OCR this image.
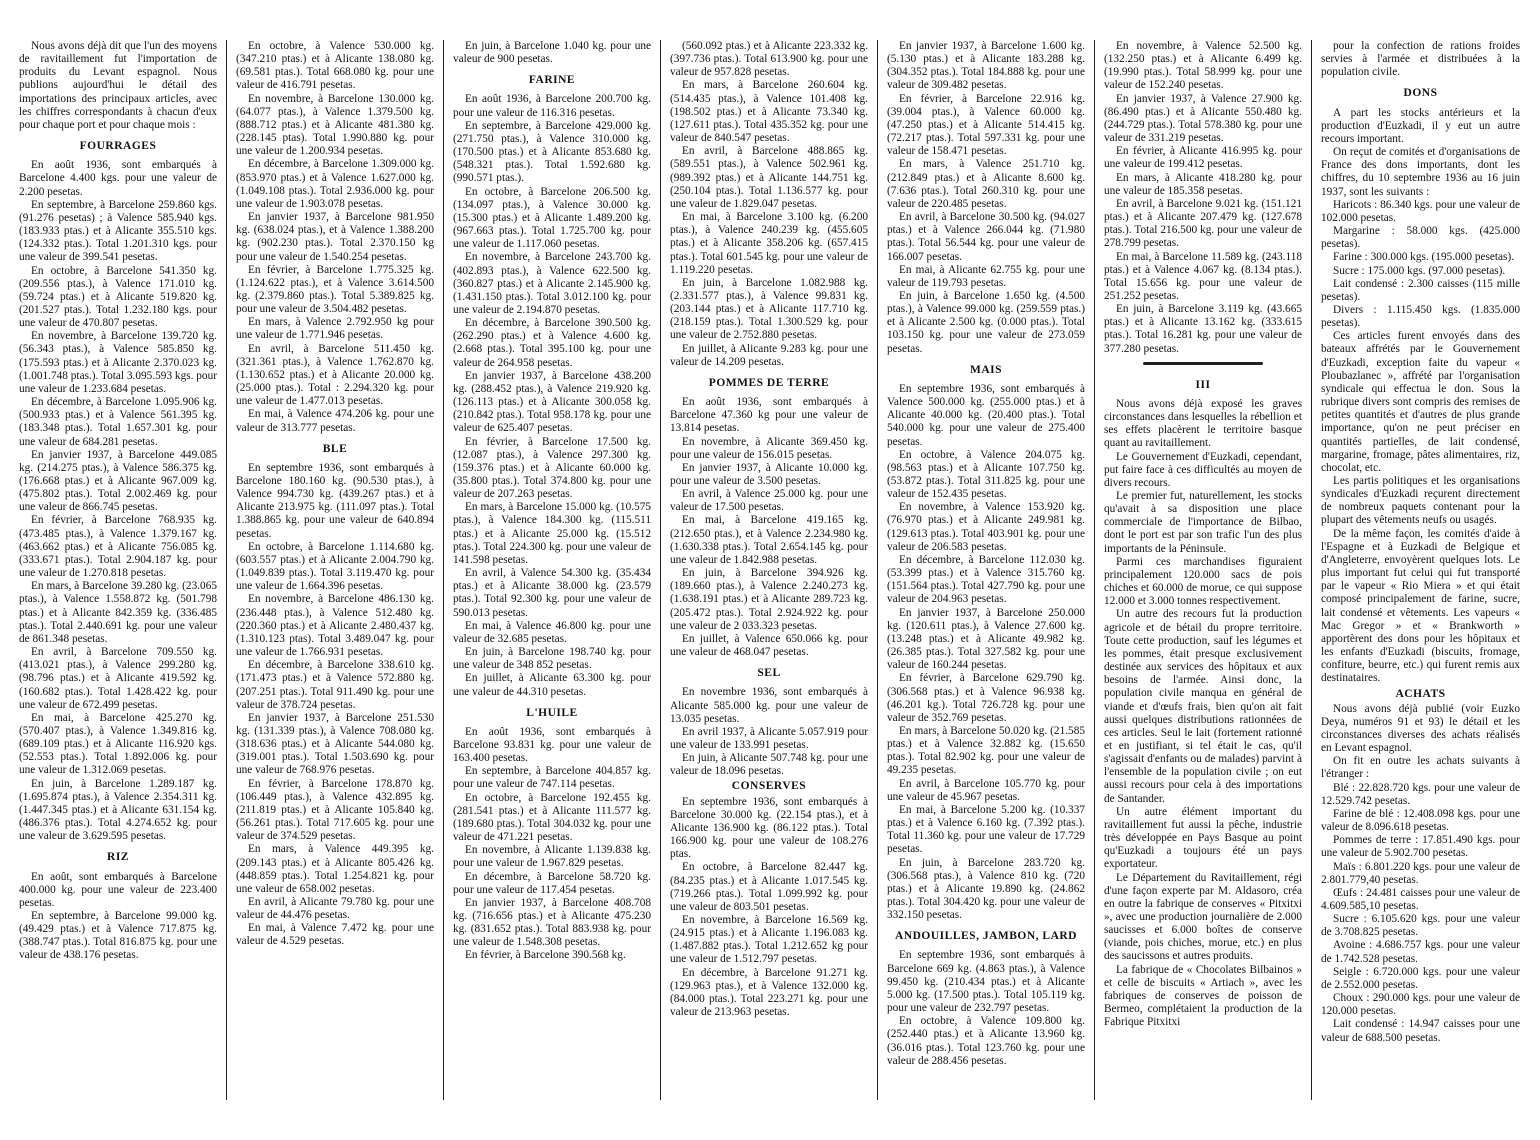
Nous avons déjà dit que l'un des moyens de ravitaillement fut l'importation de produits du Levant espagnol. Nous publions aujourd'hui le détail des importations des principaux articles, avec les chiffres correspondants à chacun d'eux pour chaque port et pour chaque mois :

FOURRAGES

En août 1936, sont embarqués à Barcelone 4.400 kgs. pour une valeur de 2.200 pesetas.

En septembre, à Barcelone 259.860 kgs. (91.276 pesetas) ; à Valence 585.940 kgs. (183.933 ptas.) et à Alicante 355.510 kgs. (124.332 ptas.). Total 1.201.310 kgs. pour une valeur de 399.541 pesetas.

En octobre, à Barcelone 541.350 kg. (209.556 ptas.), à Valence 171.010 kg. (59.724 ptas.) et à Alicante 519.820 kg. (201.527 ptas.). Total 1.232.180 kgs. pour une valeur de 470.807 pesetas.

En novembre, à Barcelone 139.720 kg. (56.343 ptas.), à Valence 585.850 kg. (175.593 ptas.) et à Alicante 2.370.023 kg. (1.001.748 ptas.). Total 3.095.593 kgs. pour une valeur de 1.233.684 pesetas.

En décembre, à Barcelone 1.095.906 kg. (500.933 ptas.) et à Valence 561.395 kg. (183.348 ptas.). Total 1.657.301 kg. pour une valeur de 684.281 pesetas.

En janvier 1937, à Barcelone 449.085 kg. (214.275 ptas.), à Valence 586.375 kg. (176.668 ptas.) et à Alicante 967.009 kg. (475.802 ptas.). Total 2.002.469 kg. pour une valeur de 866.745 pesetas.

En février, à Barcelone 768.935 kg. (473.485 ptas.), à Valence 1.379.167 kg. (463.662 ptas.) et à Alicante 756.085 kg. (333.671 ptas.). Total 2.904.187 kg. pour une valeur de 1.270.818 pesetas.

En mars, à Barcelone 39.280 kg. (23.065 ptas.), à Valence 1.558.872 kg. (501.798 ptas.) et à Alicante 842.359 kg. (336.485 ptas.). Total 2.440.691 kg. pour une valeur de 861.348 pesetas.

En avril, à Barcelone 709.550 kg. (413.021 ptas.), à Valence 299.280 kg. (98.796 ptas.) et à Alicante 419.592 kg. (160.682 ptas.). Total 1.428.422 kg. pour une valeur de 672.499 pesetas.

En mai, à Barcelone 425.270 kg. (570.407 ptas.), à Valence 1.349.816 kg. (689.109 ptas.) et à Alicante 116.920 kgs. (52.553 ptas.). Total 1.892.006 kg. pour une valeur de 1.312.069 pesetas.

En juin, à Barcelone 1.289.187 kg. (1.695.874 ptas.), à Valence 2.354.311 kg. (1.447.345 ptas.) et à Alicante 631.154 kg. (486.376 ptas.). Total 4.274.652 kg. pour une valeur de 3.629.595 pesetas.

RIZ

En août, sont embarqués à Barcelone 400.000 kg. pour une valeur de 223.400 pesetas.

En septembre, à Barcelone 99.000 kg. (49.429 ptas.) et à Valence 717.875 kg. (388.747 ptas.). Total 816.875 kg. pour une valeur de 438.176 pesetas.

En octobre, à Valence 530.000 kg. (347.210 ptas.) et à Alicante 138.080 kg. (69.581 ptas.). Total 668.080 kg. pour une valeur de 416.791 pesetas.

En novembre, à Barcelone 130.000 kg. (64.077 ptas.), à Valence 1.379.500 kg. (888.712 ptas.) et à Alicante 481.380 kg. (228.145 ptas). Total 1.990.880 kg. pour une valeur de 1.200.934 pesetas.

En décembre, à Barcelone 1.309.000 kg. (853.970 ptas.) et à Valence 1.627.000 kg. (1.049.108 ptas.). Total 2.936.000 kg. pour une valeur de 1.903.078 pesetas.

En janvier 1937, à Barcelone 981.950 kg. (638.024 ptas.), et à Valence 1.388.200 kg. (902.230 ptas.). Total 2.370.150 kg pour une valeur de 1.540.254 pesetas.

En février, à Barcelone 1.775.325 kg. (1.124.622 ptas.), et à Valence 3.614.500 kg. (2.379.860 ptas.). Total 5.389.825 kg. pour une valeur de 3.504.482 pesetas.

En mars, à Valence 2.792.950 kg pour une valeur de 1.771.946 pesetas.

En avril, à Barcelone 511.450 kg. (321.361 ptas.), à Valence 1.762.870 kg. (1.130.652 ptas.) et à Alicante 20.000 kg. (25.000 ptas.). Total : 2.294.320 kg. pour une valeur de 1.477.013 pesetas.

En mai, à Valence 474.206 kg. pour une valeur de 313.777 pesetas.

BLE

En septembre 1936, sont embarqués à Barcelone 180.160 kg. (90.530 ptas.), à Valence 994.730 kg. (439.267 ptas.) et à Alicante 213.975 kg. (111.097 ptas.). Total 1.388.865 kg. pour une valeur de 640.894 pesetas.

En octobre, à Barcelone 1.114.680 kg. (603.557 ptas.) et à Alicante 2.004.790 kg. (1.049.839 ptas.). Total 3.119.470 kg. pour une valeur de 1.664.396 pesetas.

En novembre, à Barcelone 486.130 kg. (236.448 ptas.), à Valence 512.480 kg. (220.360 ptas.) et à Alicante 2.480.437 kg. (1.310.123 ptas). Total 3.489.047 kg. pour une valeur de 1.766.931 pesetas.

En décembre, à Barcelone 338.610 kg. (171.473 ptas.) et à Valence 572.880 kg. (207.251 ptas.). Total 911.490 kg. pour une valeur de 378.724 pesetas.

En janvier 1937, à Barcelone 251.530 kg. (131.339 ptas.), à Valence 708.080 kg. (318.636 ptas.) et à Alicante 544.080 kg. (319.001 ptas.). Total 1.503.690 kg. pour une valeur de 768.976 pesetas.

En février, à Barcelone 178.870 kg. (106.449 ptas.), à Valence 432.895 kg. (211.819 ptas.) et à Alicante 105.840 kg. (56.261 ptas.). Total 717.605 kg. pour une valeur de 374.529 pesetas.

En mars, à Valence 449.395 kg. (209.143 ptas.) et à Alicante 805.426 kg. (448.859 ptas.). Total 1.254.821 kg. pour une valeur de 658.002 pesetas.

En avril, à Alicante 79.780 kg. pour une valeur de 44.476 pesetas.

En mai, à Valence 7.472 kg. pour une valeur de 4.529 pesetas.

En juin, à Barcelone 1.040 kg. pour une valeur de 900 pesetas.

FARINE

En août 1936, à Barcelone 200.700 kg. pour une valeur de 116.316 pesetas.

En septembre, à Barcelone 429.000 kg. (271.750 ptas.), à Valence 310.000 kg. (170.500 ptas.) et à Alicante 853.680 kg. (548.321 ptas.). Total 1.592.680 kg. (990.571 ptas.).

En octobre, à Barcelone 206.500 kg. (134.097 ptas.), à Valence 30.000 kg. (15.300 ptas.) et à Alicante 1.489.200 kg. (967.663 ptas.). Total 1.725.700 kg. pour une valeur de 1.117.060 pesetas.

En novembre, à Barcelone 243.700 kg. (402.893 ptas.), à Valence 622.500 kg. (360.827 ptas.) et à Alicante 2.145.900 kg. (1.431.150 ptas.). Total 3.012.100 kg. pour une valeur de 2.194.870 pesetas.

En décembre, à Barcelone 390.500 kg. (262.290 ptas.) et à Valence 4.600 kg. (2.668 ptas.). Total 395.100 kg. pour une valeur de 264.958 pesetas.

En janvier 1937, à Barcelone 438.200 kg. (288.452 ptas.), à Valence 219.920 kg. (126.113 ptas.) et à Alicante 300.058 kg. (210.842 ptas.). Total 958.178 kg. pour une valeur de 625.407 pesetas.

En février, à Barcelone 17.500 kg. (12.087 ptas.), à Valence 297.300 kg. (159.376 ptas.) et à Alicante 60.000 kg. (35.800 ptas.). Total 374.800 kg. pour une valeur de 207.263 pesetas.

En mars, à Barcelone 15.000 kg. (10.575 ptas.), à Valence 184.300 kg. (115.511 ptas.) et à Alicante 25.000 kg. (15.512 ptas.). Total 224.300 kg. pour une valeur de 141.598 pesetas.

En avril, à Valence 54.300 kg. (35.434 ptas.) et à Alicante 38.000 kg. (23.579 ptas.). Total 92.300 kg. pour une valeur de 590.013 pesetas.

En mai, à Valence 46.800 kg. pour une valeur de 32.685 pesetas.

En juin, à Barcelone 198.740 kg. pour une valeur de 348 852 pesetas.

En juillet, à Alicante 63.300 kg. pour une valeur de 44.310 pesetas.

L'HUILE

En août 1936, sont embarqués à Barcelone 93.831 kg. pour une valeur de 163.400 pesetas.

En septembre, à Barcelone 404.857 kg. pour une valeur de 747.114 pesetas.

En octobre, à Barcelone 192.455 kg. (281.541 ptas.) et à Alicante 111.577 kg. (189.680 ptas.). Total 304.032 kg. pour une valeur de 471.221 pesetas.

En novembre, à Alicante 1.139.838 kg. pour une valeur de 1.967.829 pesetas.

En décembre, à Barcelone 58.720 kg. pour une valeur de 117.454 pesetas.

En janvier 1937, à Barcelone 408.708 kg. (716.656 ptas.) et à Alicante 475.230 kg. (831.652 ptas.). Total 883.938 kg. pour une valeur de 1.548.308 pesetas.

En février, à Barcelone 390.568 kg.

(560.092 ptas.) et à Alicante 223.332 kg. (397.736 ptas.). Total 613.900 kg. pour une valeur de 957.828 pesetas.

En mars, à Barcelone 260.604 kg. (514.435 ptas.), à Valence 101.408 kg. (198.502 ptas.) et à Alicante 73.340 kg. (127.611 ptas.). Total 435.352 kg. pour une valeur de 840.547 pesetas.

En avril, à Barcelone 488.865 kg. (589.551 ptas.), à Valence 502.961 kg. (989.392 ptas.) et à Alicante 144.751 kg. (250.104 ptas.). Total 1.136.577 kg. pour une valeur de 1.829.047 pesetas.

En mai, à Barcelone 3.100 kg. (6.200 ptas.), à Valence 240.239 kg. (455.605 ptas.) et à Alicante 358.206 kg. (657.415 ptas.). Total 601.545 kg. pour une valeur de 1.119.220 pesetas.

En juin, à Barcelone 1.082.988 kg. (2.331.577 ptas.), à Valence 99.831 kg. (203.144 ptas.) et à Alicante 117.710 kg. (218.159 ptas.). Total 1.300.529 kg. pour une valeur de 2.752.880 pesetas.

En juillet, à Alicante 9.283 kg. pour une valeur de 14.209 pesetas.

POMMES DE TERRE

En août 1936, sont embarqués à Barcelone 47.360 kg pour une valeur de 13.814 pesetas.

En novembre, à Alicante 369.450 kg. pour une valeur de 156.015 pesetas.

En janvier 1937, à Alicante 10.000 kg. pour une valeur de 3.500 pesetas.

En avril, à Valence 25.000 kg. pour une valeur de 17.500 pesetas.

En mai, à Barcelone 419.165 kg. (212.650 ptas.), et à Valence 2.234.980 kg. (1.630.338 ptas.). Total 2.654.145 kg. pour une valeur de 1.842.988 pesetas.

En juin, à Barcelone 394.926 kg. (189.660 ptas.), à Valence 2.240.273 kg. (1.638.191 ptas.) et à Alicante 289.723 kg. (205.472 ptas.). Total 2.924.922 kg. pour une valeur de 2 033.323 pesetas.

En juillet, à Valence 650.066 kg. pour une valeur de 468.047 pesetas.

SEL

En novembre 1936, sont embarqués à Alicante 585.000 kg. pour une valeur de 13.035 pesetas.

En avril 1937, à Alicante 5.057.919 pour une valeur de 133.991 pesetas.

En juin, à Alicante 507.748 kg. pour une valeur de 18.096 pesetas.

CONSERVES

En septembre 1936, sont embarqués à Barcelone 30.000 kg. (22.154 ptas.), et à Alicante 136.900 kg. (86.122 ptas.). Total 166.900 kg. pour une valeur de 108.276 ptas.

En octobre, à Barcelone 82.447 kg. (84.235 ptas.) et à Alicante 1.017.545 kg. (719.266 ptas.). Total 1.099.992 kg. pour une valeur de 803.501 pesetas.

En novembre, à Barcelone 16.569 kg. (24.915 ptas.) et à Alicante 1.196.083 kg. (1.487.882 ptas.). Total 1.212.652 kg pour une valeur de 1.512.797 pesetas.

En décembre, à Barcelone 91.271 kg. (129.963 ptas.), et à Valence 132.000 kg. (84.000 ptas.). Total 223.271 kg. pour une valeur de 213.963 pesetas.

En janvier 1937, à Barcelone 1.600 kg. (5.130 ptas.) et à Alicante 183.288 kg. (304.352 ptas.). Total 184.888 kg. pour une valeur de 309.482 pesetas.

En février, à Barcelone 22.916 kg. (39.004 ptas.), à Valence 60.000 kg. (47.250 ptas.) et à Alicante 514.415 kg. (72.217 ptas.). Total 597.331 kg. pour une valeur de 158.471 pesetas.

En mars, à Valence 251.710 kg. (212.849 ptas.) et à Alicante 8.600 kg. (7.636 ptas.). Total 260.310 kg. pour une valeur de 220.485 pesetas.

En avril, à Barcelone 30.500 kg. (94.027 ptas.) et à Valence 266.044 kg. (71.980 ptas.). Total 56.544 kg. pour une valeur de 166.007 pesetas.

En mai, à Alicante 62.755 kg. pour une valeur de 119.793 pesetas.

En juin, à Barcelone 1.650 kg. (4.500 ptas.), à Valence 99.000 kg. (259.559 ptas.) et à Alicante 2.500 kg. (0.000 ptas.). Total 103.150 kg. pour une valeur de 273.059 pesetas.

MAIS

En septembre 1936, sont embarqués à Valence 500.000 kg. (255.000 ptas.) et à Alicante 40.000 kg. (20.400 ptas.). Total 540.000 kg. pour une valeur de 275.400 pesetas.

En octobre, à Valence 204.075 kg. (98.563 ptas.) et à Alicante 107.750 kg. (53.872 ptas.). Total 311.825 kg. pour une valeur de 152.435 pesetas.

En novembre, à Valence 153.920 kg. (76.970 ptas.) et à Alicante 249.981 kg. (129.613 ptas.). Total 403.901 kg. pour une valeur de 206.583 pesetas.

En décembre, à Barcelone 112.030 kg. (53.399 ptas.) et à Valence 315.760 kg. (151.564 ptas.). Total 427.790 kg. pour une valeur de 204.963 pesetas.

En janvier 1937, à Barcelone 250.000 kg. (120.611 ptas.), à Valence 27.600 kg. (13.248 ptas.) et à Alicante 49.982 kg. (26.385 ptas.). Total 327.582 kg. pour une valeur de 160.244 pesetas.

En février, à Barcelone 629.790 kg. (306.568 ptas.) et à Valence 96.938 kg. (46.201 kg.). Total 726.728 kg. pour une valeur de 352.769 pesetas.

En mars, à Barcelone 50.020 kg. (21.585 ptas.) et à Valence 32.882 kg. (15.650 ptas.). Total 82.902 kg. pour une valeur de 49.235 pesetas.

En avril, à Barcelone 105.770 kg. pour une valeur de 45.967 pesetas.

En mai, à Barcelone 5.200 kg. (10.337 ptas.) et à Valence 6.160 kg. (7.392 ptas.). Total 11.360 kg. pour une valeur de 17.729 pesetas.

En juin, à Barcelone 283.720 kg. (306.568 ptas.), à Valence 810 kg. (720 ptas.) et à Alicante 19.890 kg. (24.862 ptas.). Total 304.420 kg. pour une valeur de 332.150 pesetas.

ANDOUILLES, JAMBON, LARD

En septembre 1936, sont embarqués à Barcelone 669 kg. (4.863 ptas.), à Valence 99.450 kg. (210.434 ptas.) et à Alicante 5.000 kg. (17.500 ptas.). Total 105.119 kg. pour une valeur de 232.797 pesetas.

En octobre, à Valence 109.800 kg. (252.440 ptas.) et à Alicante 13.960 kg. (36.016 ptas.). Total 123.760 kg. pour une valeur de 288.456 pesetas.

En novembre, à Valence 52.500 kg. (132.250 ptas.) et à Alicante 6.499 kg. (19.990 ptas.). Total 58.999 kg. pour une valeur de 152.240 pesetas.

En janvier 1937, à Valence 27.900 kg. (86.490 ptas.) et à Alicante 550.480 kg. (244.729 ptas.). Total 578.380 kg. pour une valeur de 331.219 pesetas.

En février, à Alicante 416.995 kg. pour une valeur de 199.412 pesetas.

En mars, à Alicante 418.280 kg. pour une valeur de 185.358 pesetas.

En avril, à Barcelone 9.021 kg. (151.121 ptas.) et à Alicante 207.479 kg. (127.678 ptas.). Total 216.500 kg. pour une valeur de 278.799 pesetas.

En mai, à Barcelone 11.589 kg. (243.118 ptas.) et à Valence 4.067 kg. (8.134 ptas.). Total 15.656 kg. pour une valeur de 251.252 pesetas.

En juin, à Barcelone 3.119 kg. (43.665 ptas.) et à Alicante 13.162 kg. (333.615 ptas.). Total 16.281 kg. pour une valeur de 377.280 pesetas.

III

Nous avons déjà exposé les graves circonstances dans lesquelles la rébellion et ses effets placèrent le territoire basque quant au ravitaillement.

Le Gouvernement d'Euzkadi, cependant, put faire face à ces difficultés au moyen de divers recours.

Le premier fut, naturellement, les stocks qu'avait à sa disposition une place commerciale de l'importance de Bilbao, dont le port est par son trafic l'un des plus importants de la Péninsule.

Parmi ces marchandises figuraient principalement 120.000 sacs de pois chiches et 60.000 de morue, ce qui suppose 12.000 et 3.000 tonnes respectivement.

Un autre des recours fut la production agricole et de bétail du propre territoire. Toute cette production, sauf les légumes et les pommes, était presque exclusivement destinée aux services des hôpitaux et aux besoins de l'armée. Ainsi donc, la population civile manqua en général de viande et d'œufs frais, bien qu'on ait fait aussi quelques distributions rationnées de ces articles. Seul le lait (fortement rationné et en justifiant, si tel était le cas, qu'il s'agissait d'enfants ou de malades) parvint à l'ensemble de la population civile ; on eut aussi recours pour cela à des importations de Santander.

Un autre élément important du ravitaillement fut aussi la pêche, industrie très développée en Pays Basque au point qu'Euzkadi a toujours été un pays exportateur.

Le Département du Ravitaillement, régi d'une façon experte par M. Aldasoro, créa en outre la fabrique de conserves « Pitxitxi », avec une production journalière de 2.000 saucisses et 6.000 boîtes de conserve (viande, pois chiches, morue, etc.) en plus des saucissons et autres produits.

La fabrique de « Chocolates Bilbainos » et celle de biscuits « Artiach », avec les fabriques de conserves de poisson de Bermeo, complétaient la production de la Fabrique Pitxitxi

pour la confection de rations froides servies à l'armée et distribuées à la population civile.

DONS

A part les stocks antérieurs et la production d'Euzkadi, il y eut un autre recours important.

On reçut de comités et d'organisations de France des dons importants, dont les chiffres, du 10 septembre 1936 au 16 juin 1937, sont les suivants :

Haricots : 86.340 kgs. pour une valeur de 102.000 pesetas.

Margarine : 58.000 kgs. (425.000 pesetas).

Farine : 300.000 kgs. (195.000 pesetas).

Sucre : 175.000 kgs. (97.000 pesetas).

Lait condensé : 2.300 caisses (115 mille pesetas).

Divers : 1.115.450 kgs. (1.835.000 pesetas).

Ces articles furent envoyés dans des bateaux affrétés par le Gouvernement d'Euzkadi, exception faite du vapeur « Ploubazlanec », affrété par l'organisation syndicale qui effectua le don. Sous la rubrique divers sont compris des remises de petites quantités et d'autres de plus grande importance, qu'on ne peut préciser en quantités partielles, de lait condensé, margarine, fromage, pâtes alimentaires, riz, chocolat, etc.

Les partis politiques et les organisations syndicales d'Euzkadi reçurent directement de nombreux paquets contenant pour la plupart des vêtements neufs ou usagés.

De la même façon, les comités d'aide à l'Espagne et à Euzkadi de Belgique et d'Angleterre, envoyèrent quelques lots. Le plus important fut celui qui fut transporté par le vapeur « Rio Miera » et qui était composé principalement de farine, sucre, lait condensé et vêtements. Les vapeurs « Mac Gregor » et « Brankworth » apportèrent des dons pour les hôpitaux et les enfants d'Euzkadi (biscuits, fromage, confiture, beurre, etc.) qui furent remis aux destinataires.

ACHATS

Nous avons déjà publié (voir Euzko Deya, numéros 91 et 93) le détail et les circonstances diverses des achats réalisés en Levant espagnol.

On fit en outre les achats suivants à l'étranger :

Blé : 22.828.720 kgs. pour une valeur de 12.529.742 pesetas.

Farine de blé : 12.408.098 kgs. pour une valeur de 8.096.618 pesetas.

Pommes de terre : 17.851.490 kgs. pour une valeur de 5.902.700 pesetas.

Maïs : 6.801.220 kgs. pour une valeur de 2.801.779,40 pesetas.

Œufs : 24.481 caisses pour une valeur de 4.609.585,10 pesetas.

Sucre : 6.105.620 kgs. pour une valeur de 3.708.825 pesetas.

Avoine : 4.686.757 kgs. pour une valeur de 1.742.528 pesetas.

Seigle : 6.720.000 kgs. pour une valeur de 2.552.000 pesetas.

Choux : 290.000 kgs. pour une valeur de 120.000 pesetas.

Lait condensé : 14.947 caisses pour une valeur de 688.500 pesetas.
